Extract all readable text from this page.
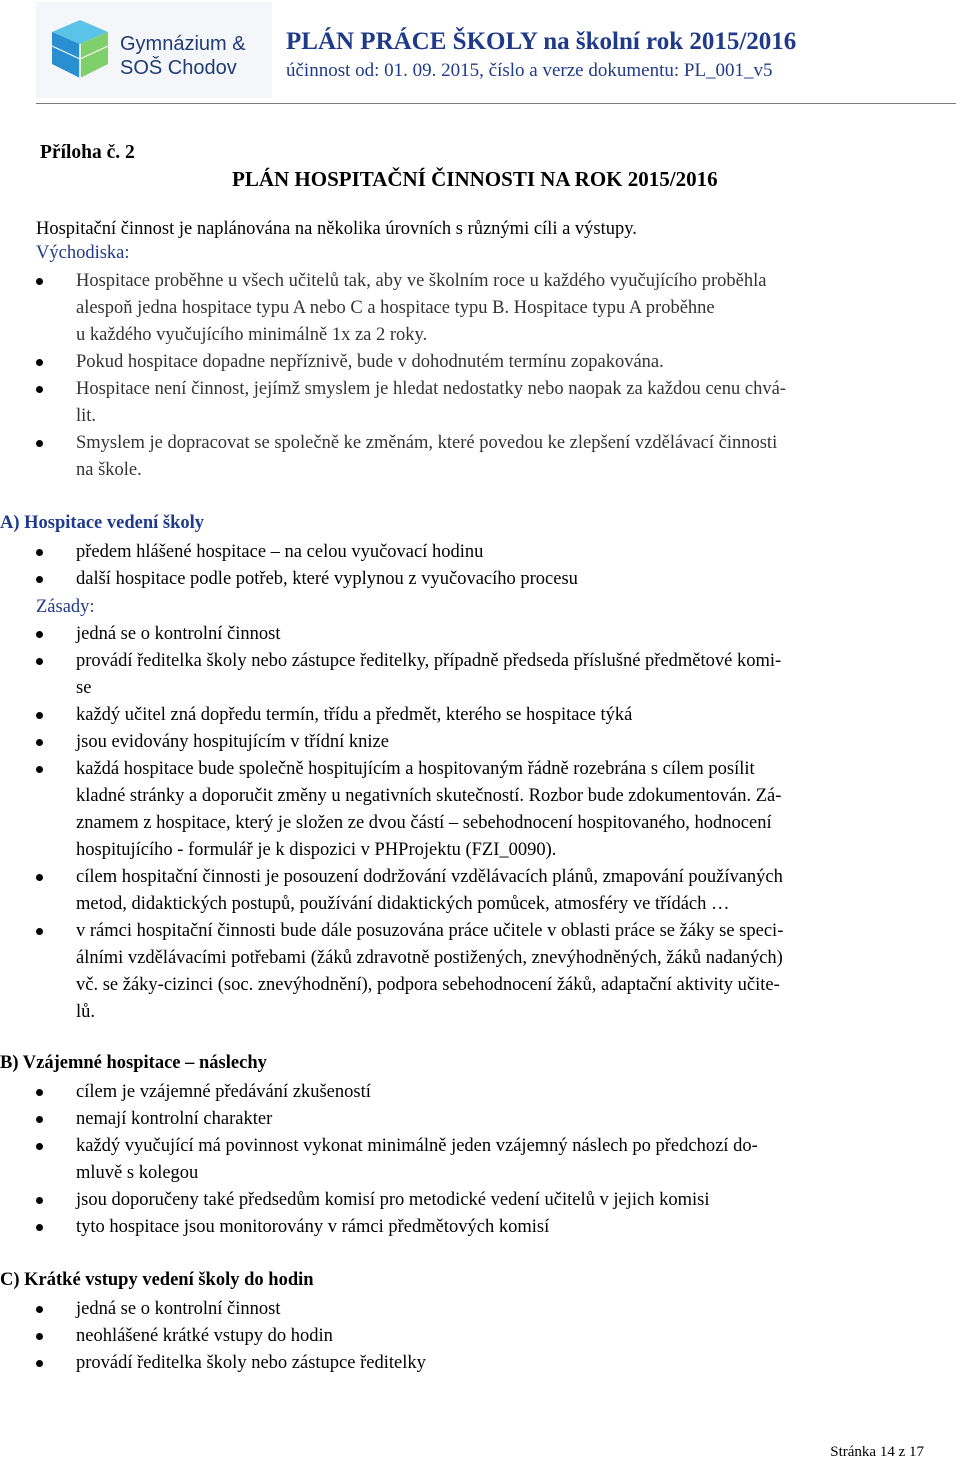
Gymnázium &
SOŠ Chodov
PLÁN PRÁCE ŠKOLY na školní rok 2015/2016
účinnost od: 01. 09. 2015, číslo a verze dokumentu: PL_001_v5
Příloha č. 2
PLÁN HOSPITAČNÍ ČINNOSTI NA ROK 2015/2016
Hospitační činnost je naplánována na několika úrovních s různými cíli a výstupy.
Východiska:
Hospitace proběhne u všech učitelů tak, aby ve školním roce u každého vyučujícího proběhla
alespoň jedna hospitace typu A nebo C a hospitace typu B. Hospitace typu A proběhne
u každého vyučujícího minimálně 1x za 2 roky.
Pokud hospitace dopadne nepříznivě, bude v dohodnutém termínu zopakována.
Hospitace není činnost, jejímž smyslem je hledat nedostatky nebo naopak za každou cenu chvá-
lit.
Smyslem je dopracovat se společně ke změnám, které povedou ke zlepšení vzdělávací činnosti
na škole.
A) Hospitace vedení školy
předem hlášené hospitace – na celou vyučovací hodinu
další hospitace podle potřeb, které vyplynou z vyučovacího procesu
Zásady:
jedná se o kontrolní činnost
provádí ředitelka školy nebo zástupce ředitelky, případně předseda příslušné předmětové komi-
se
každý učitel zná dopředu termín, třídu a předmět, kterého se hospitace týká
jsou evidovány hospitujícím v třídní knize
každá hospitace bude společně hospitujícím a hospitovaným řádně rozebrána s cílem posílit
kladné stránky a doporučit změny u negativních skutečností. Rozbor bude zdokumentován. Zá-
znamem z hospitace, který je složen ze dvou částí – sebehodnocení hospitovaného, hodnocení
hospitujícího - formulář je k dispozici v PHProjektu (FZI_0090).
cílem hospitační činnosti je posouzení dodržování vzdělávacích plánů, zmapování používaných
metod, didaktických postupů, používání didaktických pomůcek, atmosféry ve třídách …
v rámci hospitační činnosti bude dále posuzována práce učitele v oblasti práce se žáky se speci-
álními vzdělávacími potřebami (žáků zdravotně postižených, znevýhodněných, žáků nadaných)
vč. se žáky-cizinci (soc. znevýhodnění), podpora sebehodnocení žáků, adaptační aktivity učite-
lů.
B) Vzájemné hospitace – náslechy
cílem je vzájemné předávání zkušeností
nemají kontrolní charakter
každý vyučující má povinnost vykonat minimálně jeden vzájemný náslech po předchozí do-
mluvě s kolegou
jsou doporučeny také předsedům komisí pro metodické vedení učitelů v jejich komisi
tyto hospitace jsou monitorovány v rámci předmětových komisí
C) Krátké vstupy vedení školy do hodin
jedná se o kontrolní činnost
neohlášené krátké vstupy do hodin
provádí ředitelka školy nebo zástupce ředitelky
Stránka 14 z 17
